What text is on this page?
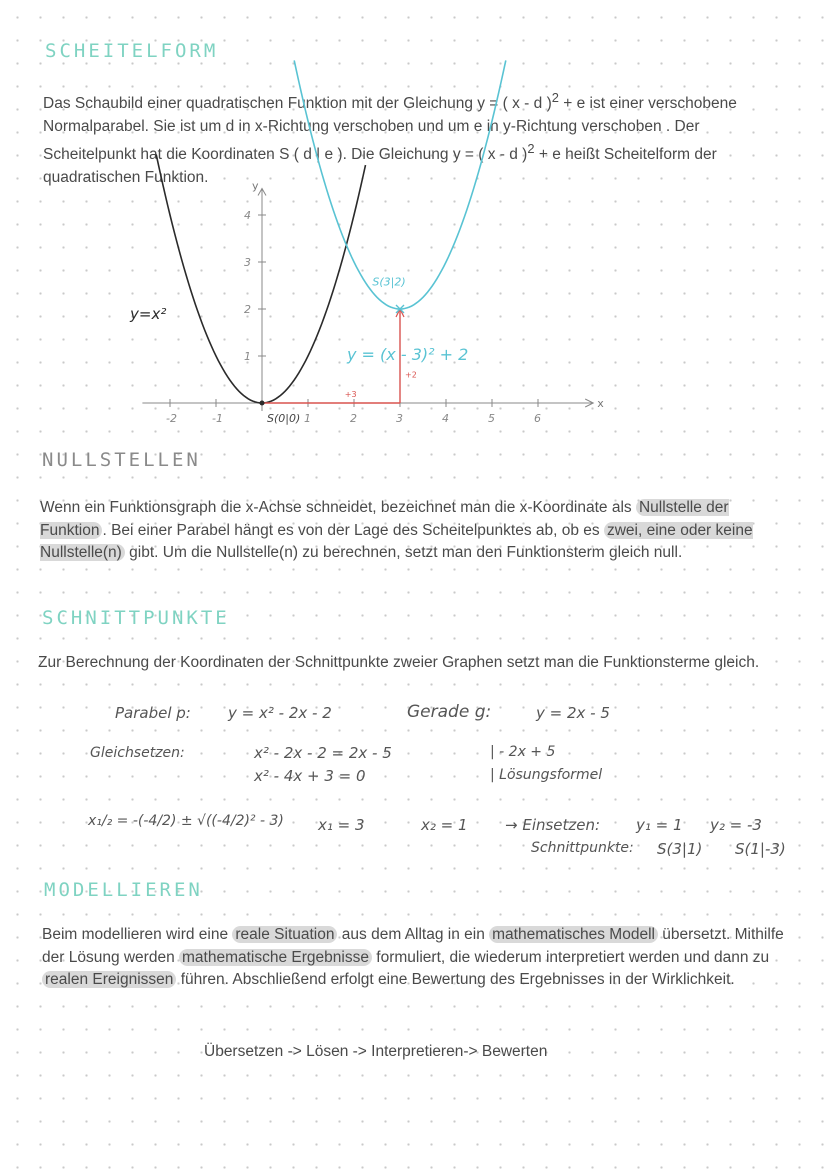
SCHEITELFORM
Das Schaubild einer quadratischen Funktion mit der Gleichung y = ( x - d )$^2$ + e ist einer verschobene Normalparabel. Sie ist um d in x-Richtung verschoben und um e in y-Richtung verschoben . Der Scheitelpunkt hat die Koordinaten S ( d | e ). Die Gleichung y = ( x - d )$^2$ + e heißt Scheitelform der quadratischen Funktion.
x
y
-2	-1	1	2	3	4	5	6
1
2
3
4
y=x²
y = (x - 3)² + 2
+3
+2
S(0|0)
S(3|2)
NULLSTELLEN
Wenn ein Funktionsgraph die x-Achse schneidet, bezeichnet man die x-Koordinate als Nullstelle der Funktion . Bei einer Parabel hängt es von der Lage des Scheitelpunktes ab, ob es zwei, eine oder keine Nullstelle(n) gibt. Um die Nullstelle(n) zu berechnen, setzt man den Funktionsterm gleich null.
SCHNITTPUNKTE
Zur Berechnung der Koordinaten der Schnittpunkte zweier Graphen setzt man die Funktionsterme gleich.
Parabel p: y = x² - 2x - 2	Gerade g:	y = 2x - 5
Gleichsetzen:	x² - 2x - 2 = 2x - 5	| - 2x + 5
x² - 4x + 3 = 0	| Lösungsformel
x₁/₂ = -(-4/2) ± √((-4/2)² - 3) x₁ = 3	x₂ = 1 → Einsetzen: y₁ = 1 y₂ = -3
Schnittpunkte: S(3|1) S(1|-3)
MODELLIEREN
Beim modellieren wird eine reale Situation aus dem Alltag in ein mathematisches Modell übersetzt. Mithilfe der Lösung werden mathematische Ergebnisse formuliert, die wiederum interpretiert werden und dann zu realen Ereignissen führen. Abschließend erfolgt eine Bewertung des Ergebnisses in der Wirklichkeit.
Übersetzen -> Lösen -> Interpretieren-> Bewerten
